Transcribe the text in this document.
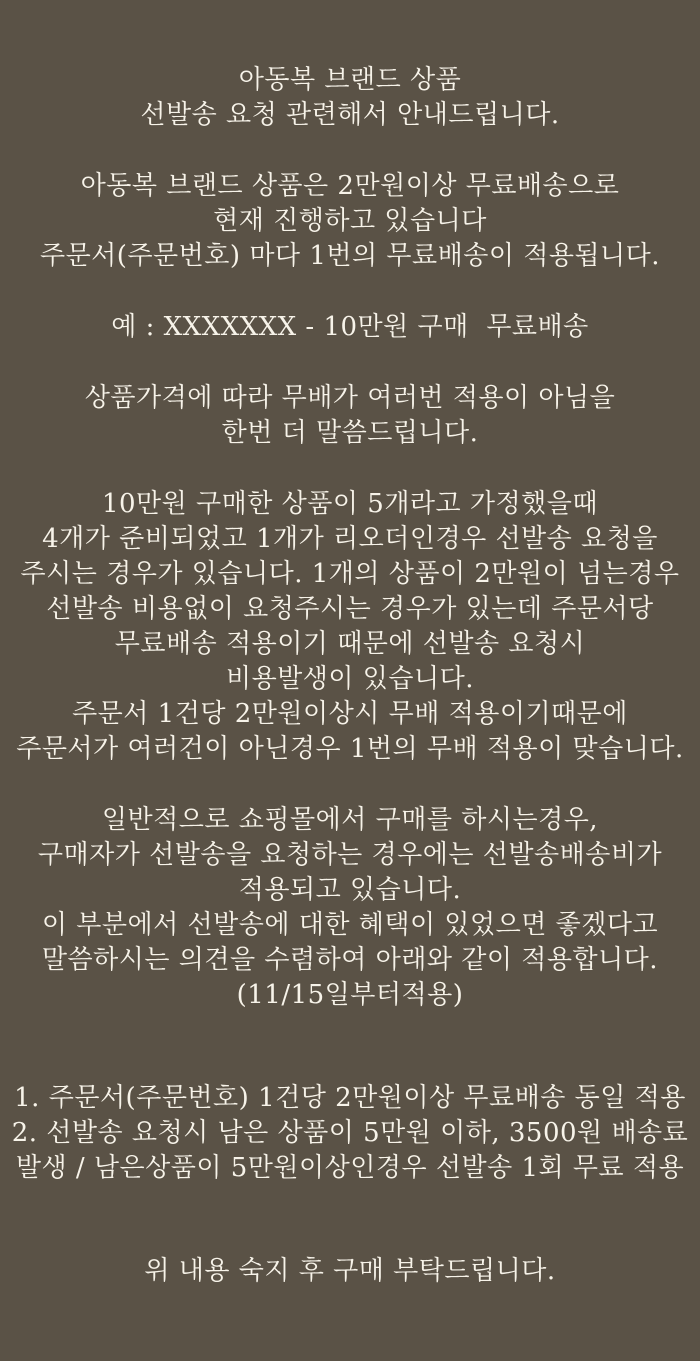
아동복 브랜드 상품
선발송 요청 관련해서 안내드립니다.
아동복 브랜드 상품은 2만원이상 무료배송으로
현재 진행하고 있습니다
주문서(주문번호) 마다 1번의 무료배송이 적용됩니다.
예 : XXXXXXX - 10만원 구매  무료배송
상품가격에 따라 무배가 여러번 적용이 아님을
한번 더 말씀드립니다.
10만원 구매한 상품이 5개라고 가정했을때
4개가 준비되었고 1개가 리오더인경우 선발송 요청을
주시는 경우가 있습니다. 1개의 상품이 2만원이 넘는경우
선발송 비용없이 요청주시는 경우가 있는데 주문서당
무료배송 적용이기 때문에 선발송 요청시
비용발생이 있습니다.
주문서 1건당 2만원이상시 무배 적용이기때문에
주문서가 여러건이 아닌경우 1번의 무배 적용이 맞습니다.
일반적으로 쇼핑몰에서 구매를 하시는경우,
구매자가 선발송을 요청하는 경우에는 선발송배송비가
적용되고 있습니다.
이 부분에서 선발송에 대한 혜택이 있었으면 좋겠다고
말씀하시는 의견을 수렴하여 아래와 같이 적용합니다.
(11/15일부터적용)
1. 주문서(주문번호) 1건당 2만원이상 무료배송 동일 적용
2. 선발송 요청시 남은 상품이 5만원 이하, 3500원 배송료
발생 / 남은상품이 5만원이상인경우 선발송 1회 무료 적용
위 내용 숙지 후 구매 부탁드립니다.
